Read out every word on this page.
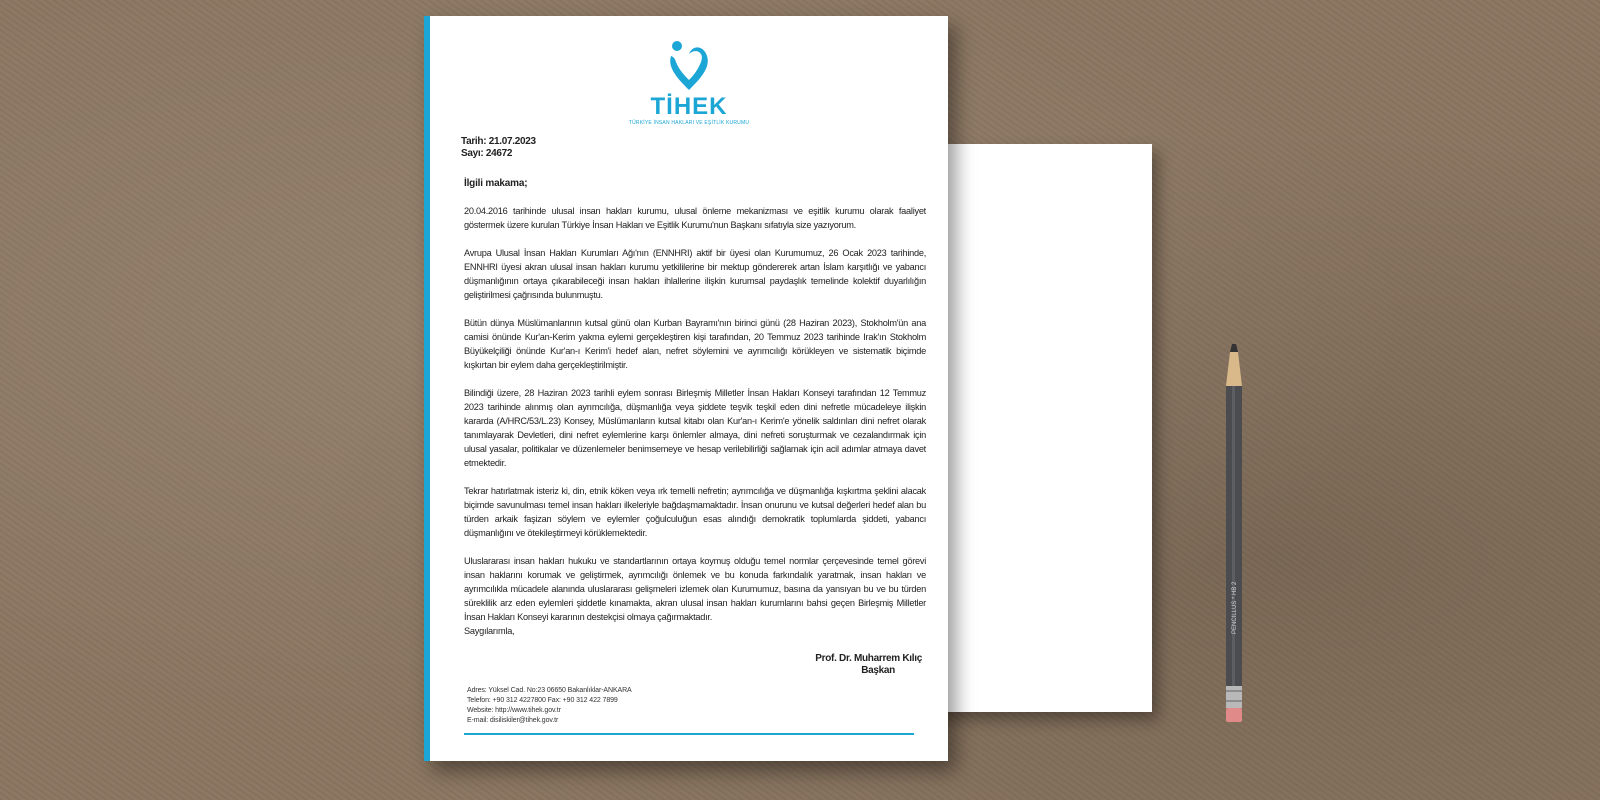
TİHEK
TÜRKİYE İNSAN HAKLARI VE EŞİTLİK KURUMU
Tarih: 21.07.2023
Sayı: 24672
İlgili makama;

20.04.2016 tarihinde ulusal insan hakları kurumu, ulusal önleme mekanizması ve eşitlik kurumu olarak faaliyet göstermek üzere kurulan Türkiye İnsan Hakları ve Eşitlik Kurumu'nun Başkanı sıfatıyla size yazıyorum.

Avrupa Ulusal İnsan Hakları Kurumları Ağı'nın (ENNHRI) aktif bir üyesi olan Kurumumuz, 26 Ocak 2023 tarihinde, ENNHRI üyesi akran ulusal insan hakları kurumu yetkililerine bir mektup göndererek artan İslam karşıtlığı ve yabancı düşmanlığının ortaya çıkarabileceği insan hakları ihlallerine ilişkin kurumsal paydaşlık temelinde kolektif duyarlılığın geliştirilmesi çağrısında bulunmuştu.

Bütün dünya Müslümanlarının kutsal günü olan Kurban Bayramı'nın birinci günü (28 Haziran 2023), Stokholm'ün ana camisi önünde Kur'an-Kerim yakma eylemi gerçekleştiren kişi tarafından, 20 Temmuz 2023 tarihinde Irak'ın Stokholm Büyükelçiliği önünde Kur'an-ı Kerim'i hedef alan, nefret söylemini ve ayrımcılığı körükleyen ve sistematik biçimde kışkırtan bir eylem daha gerçekleştirilmiştir.

Bilindiği üzere, 28 Haziran 2023 tarihli eylem sonrası Birleşmiş Milletler İnsan Hakları Konseyi tarafından 12 Temmuz 2023 tarihinde alınmış olan ayrımcılığa, düşmanlığa veya şiddete teşvik teşkil eden dini nefretle mücadeleye ilişkin kararda (A/HRC/53/L.23) Konsey, Müslümanların kutsal kitabı olan Kur'an-ı Kerim'e yönelik saldırıları dini nefret olarak tanımlayarak Devletleri, dini nefret eylemlerine karşı önlemler almaya, dini nefreti soruşturmak ve cezalandırmak için ulusal yasalar, politikalar ve düzenlemeler benimsemeye ve hesap verilebilirliği sağlamak için acil adımlar atmaya davet etmektedir.

Tekrar hatırlatmak isteriz ki, din, etnik köken veya ırk temelli nefretin; ayrımcılığa ve düşmanlığa kışkırtma şeklini alacak biçimde savunulması temel insan hakları ilkeleriyle bağdaşmamaktadır. İnsan onurunu ve kutsal değerleri hedef alan bu türden arkaik faşizan söylem ve eylemler çoğulculuğun esas alındığı demokratik toplumlarda şiddeti, yabancı düşmanlığını ve ötekileştirmeyi körüklemektedir.

Uluslararası insan hakları hukuku ve standartlarının ortaya koymuş olduğu temel normlar çerçevesinde temel görevi insan haklarını korumak ve geliştirmek, ayrımcılığı önlemek ve bu konuda farkındalık yaratmak, insan hakları ve ayrımcılıkla mücadele alanında uluslararası gelişmeleri izlemek olan Kurumumuz, basına da yansıyan bu ve bu türden süreklilik arz eden eylemleri şiddetle kınamakta, akran ulusal insan hakları kurumlarını bahsi geçen Birleşmiş Milletler İnsan Hakları Konseyi kararının destekçisi olmaya çağırmaktadır.

Saygılarımla,

Prof. Dr. Muharrem Kılıç
Başkan
Adres: Yüksel Cad. No:23 06650 Bakanlıklar-ANKARA
Telefon: +90 312 4227800 Fax: +90 312 422 7899
Website: http://www.tihek.gov.tr
E-mail: disiliskiler@tihek.gov.tr
PENCILLUS * HB 2
